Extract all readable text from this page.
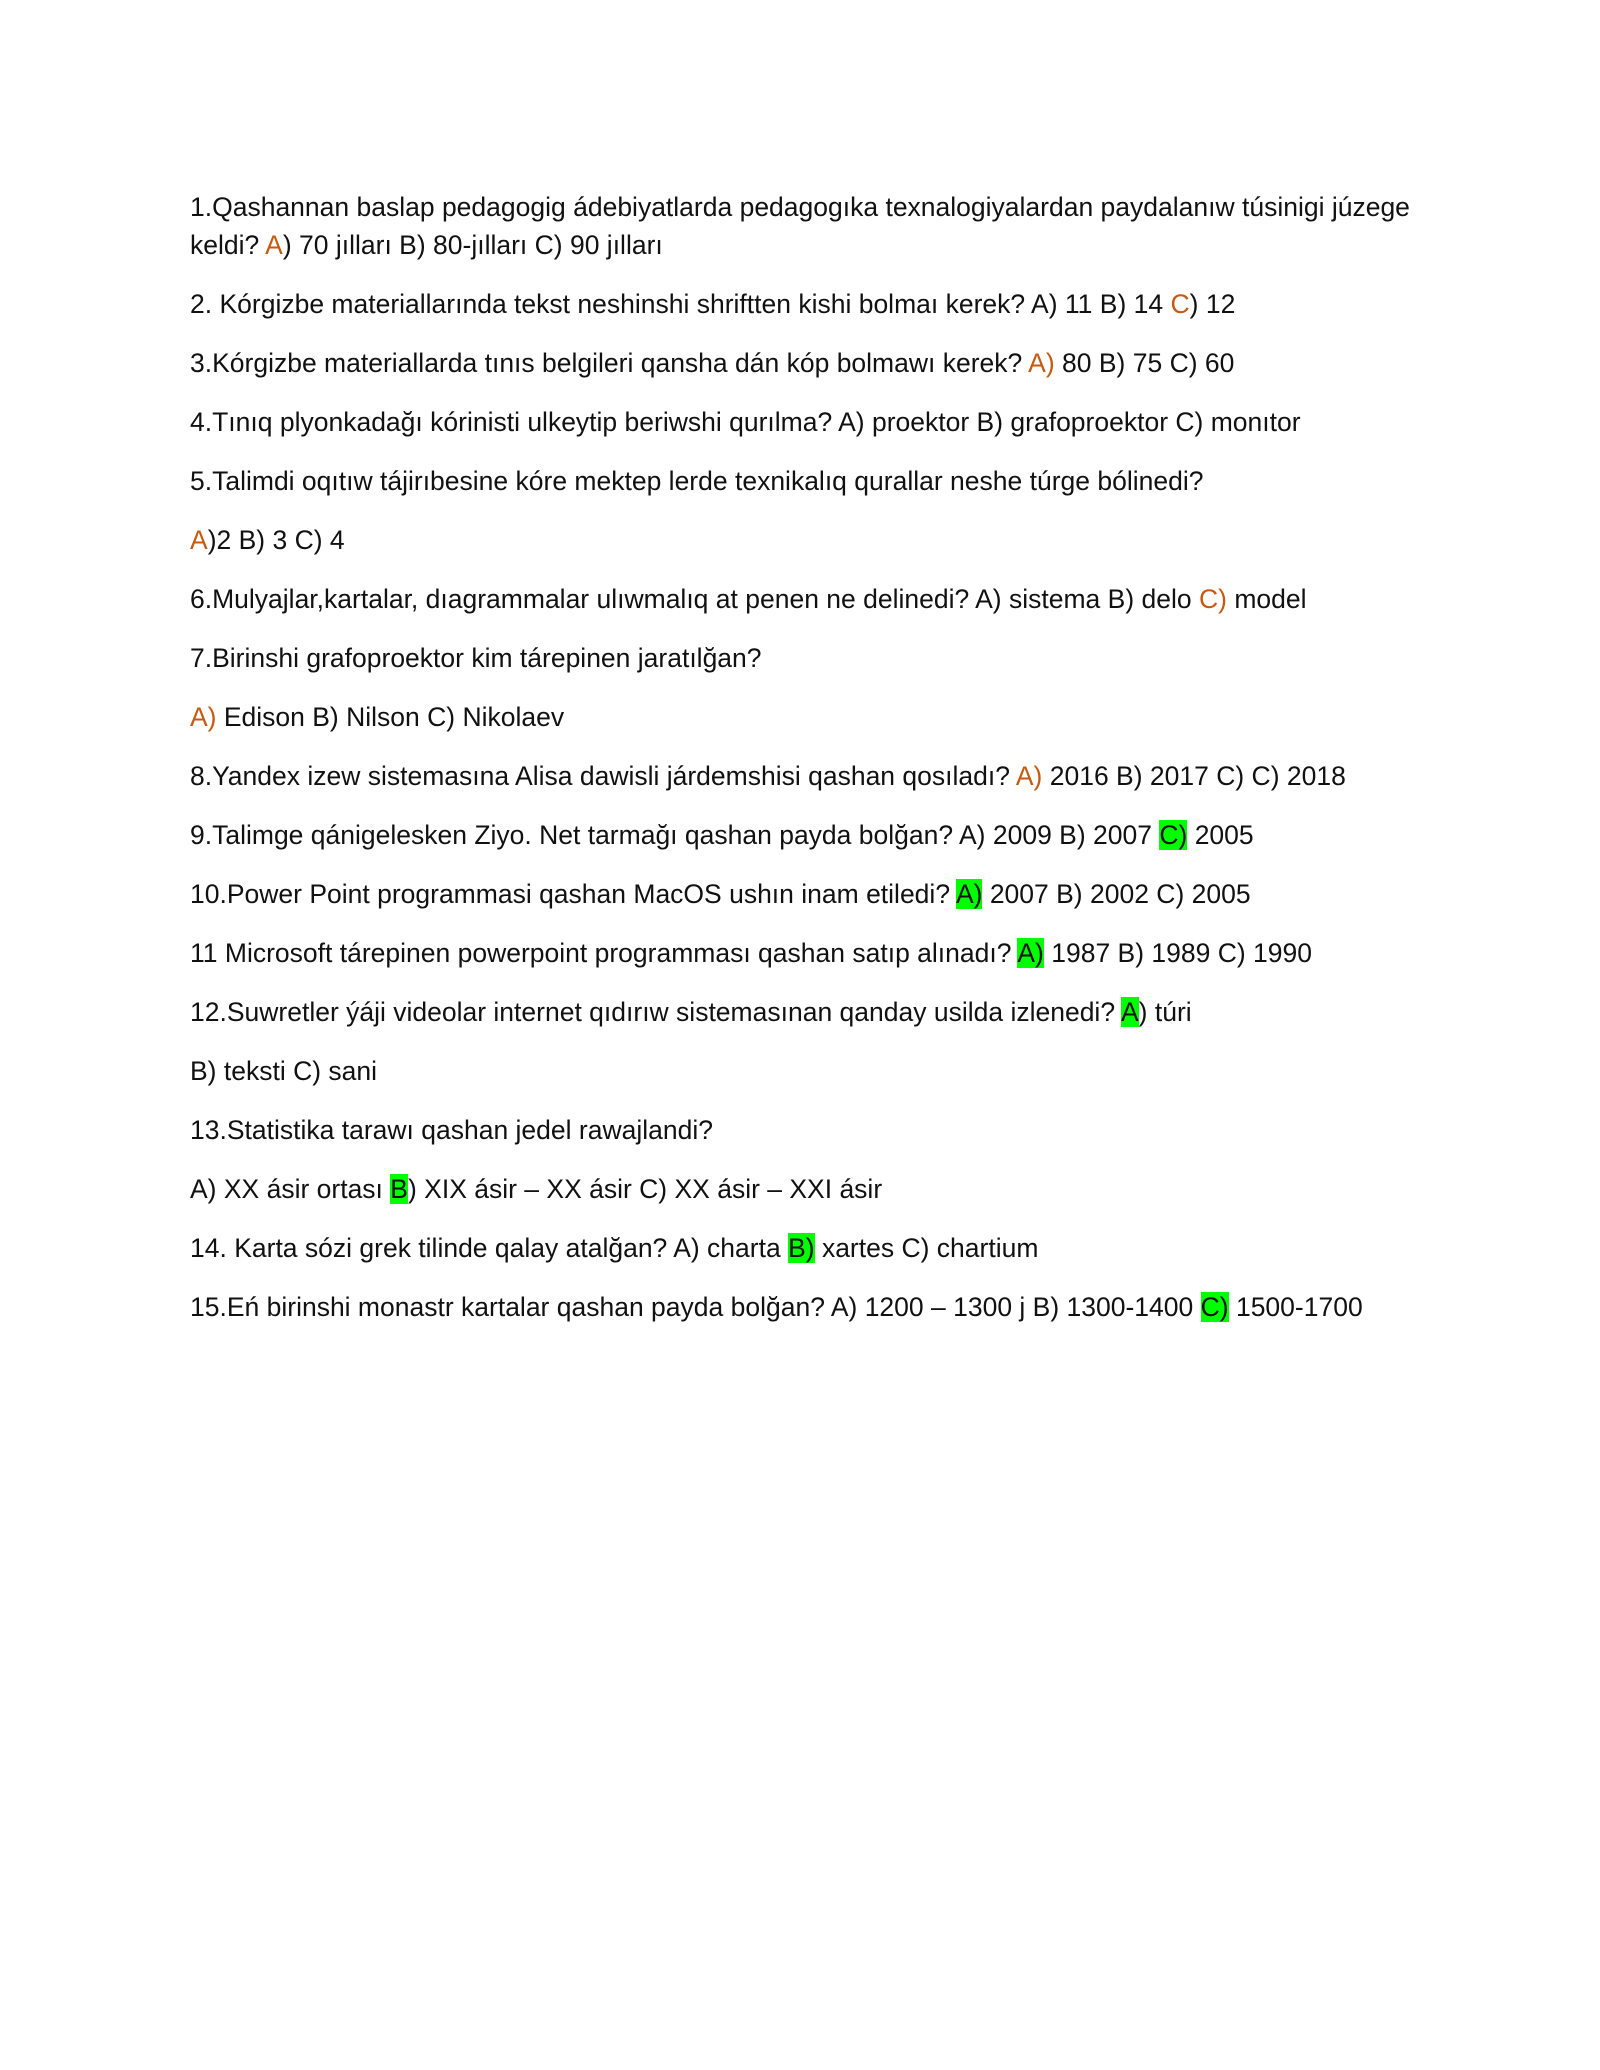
1.Qashannan baslap pedagogig ádebiyatlarda pedagogıka texnalogiyalardan paydalanıw túsinigi júzege keldi? A) 70 jılları B) 80-jılları C) 90 jılları

2. Kórgizbe materiallarında tekst neshinshi shriftten kishi bolmaı kerek? A) 11 B) 14 C) 12

3.Kórgizbe materiallarda tınıs belgileri qansha dán kóp bolmawı kerek? A) 80 B) 75 C) 60

4.Tınıq plyonkadağı kórinisti ulkeytip beriwshi qurılma? A) proektor B) grafoproektor C) monıtor

5.Talimdi oqıtıw tájirıbesine kóre mektep lerde texnikalıq qurallar neshe túrge bólinedi?

A)2 B) 3 C) 4

6.Mulyajlar,kartalar, dıagrammalar ulıwmalıq at penen ne delinedi? A) sistema B) delo C) model

7.Birinshi grafoproektor kim tárepinen jaratılğan?

A) Edison B) Nilson C) Nikolaev

8.Yandex izew sistemasına Alisa dawisli járdemshisi qashan qosıladı? A) 2016 B) 2017 C) C) 2018

9.Talimge qánigelesken Ziyo. Net tarmağı qashan payda bolğan? A) 2009 B) 2007 C) 2005

10.Power Point programmasi qashan MacOS ushın inam etiledi? A) 2007 B) 2002 C) 2005

11 Microsoft tárepinen powerpoint programması qashan satıp alınadı? A) 1987 B) 1989 C) 1990

12.Suwretler ýáji videolar internet qıdırıw sistemasınan qanday usilda izlenedi? A) túri

B) teksti C) sani

13.Statistika tarawı qashan jedel rawajlandi?

A) XX ásir ortası B) XIX ásir – XX ásir C) XX ásir – XXI ásir

14. Karta sózi grek tilinde qalay atalğan? A) charta B) xartes C) chartium

15.Eń birinshi monastr kartalar qashan payda bolğan? A) 1200 – 1300 j B) 1300-1400 C) 1500-1700
